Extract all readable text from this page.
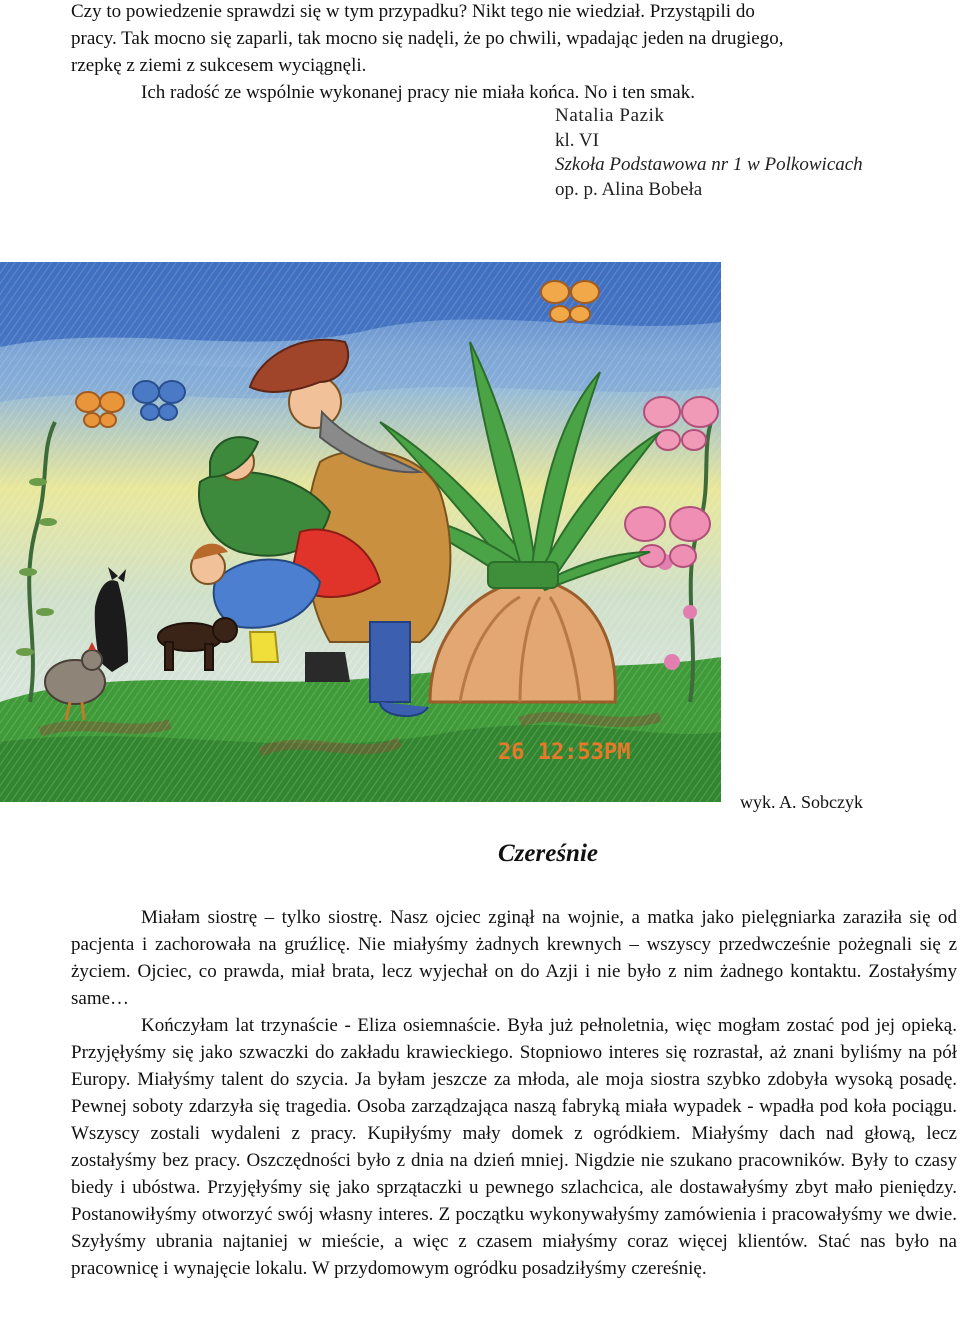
Czy to powiedzenie sprawdzi się w tym przypadku? Nikt tego nie wiedział. Przystąpili do

pracy. Tak mocno się zaparli, tak mocno się nadęli, że po chwili, wpadając jeden na drugiego,

rzepkę z ziemi z sukcesem wyciągnęli.

Ich radość ze wspólnie wykonanej pracy nie miała końca. No i ten smak.

Natalia Pazik
kl. VI
Szkoła Podstawowa nr 1 w Polkowicach
op. p. Alina Bobeła
26 12:53PM
wyk. A. Sobczyk
Czereśnie

Miałam siostrę – tylko siostrę. Nasz ojciec zginął na wojnie, a matka jako pielęgniarka zaraziła się od pacjenta i zachorowała na gruźlicę. Nie miałyśmy żadnych krewnych – wszyscy przedwcześnie pożegnali się z życiem. Ojciec, co prawda, miał brata, lecz wyjechał on do Azji i nie było z nim żadnego kontaktu. Zostałyśmy same…

Kończyłam lat trzynaście - Eliza osiemnaście. Była już pełnoletnia, więc mogłam zostać pod jej opieką. Przyjęłyśmy się jako szwaczki do zakładu krawieckiego. Stopniowo interes się rozrastał, aż znani byliśmy na pół Europy. Miałyśmy talent do szycia. Ja byłam jeszcze za młoda, ale moja siostra szybko zdobyła wysoką posadę. Pewnej soboty zdarzyła się tragedia. Osoba zarządzająca naszą fabryką miała wypadek - wpadła pod koła pociągu. Wszyscy zostali wydaleni z pracy. Kupiłyśmy mały domek z ogródkiem. Miałyśmy dach nad głową, lecz zostałyśmy bez pracy. Oszczędności było z dnia na dzień mniej. Nigdzie nie szukano pracowników. Były to czasy biedy i ubóstwa. Przyjęłyśmy się jako sprzątaczki u pewnego szlachcica, ale dostawałyśmy zbyt mało pieniędzy. Postanowiłyśmy otworzyć swój własny interes. Z początku wykonywałyśmy zamówienia i pracowałyśmy we dwie. Szyłyśmy ubrania najtaniej w mieście, a więc z czasem miałyśmy coraz więcej klientów. Stać nas było na pracownicę i wynajęcie lokalu. W przydomowym ogródku posadziłyśmy czereśnię.
